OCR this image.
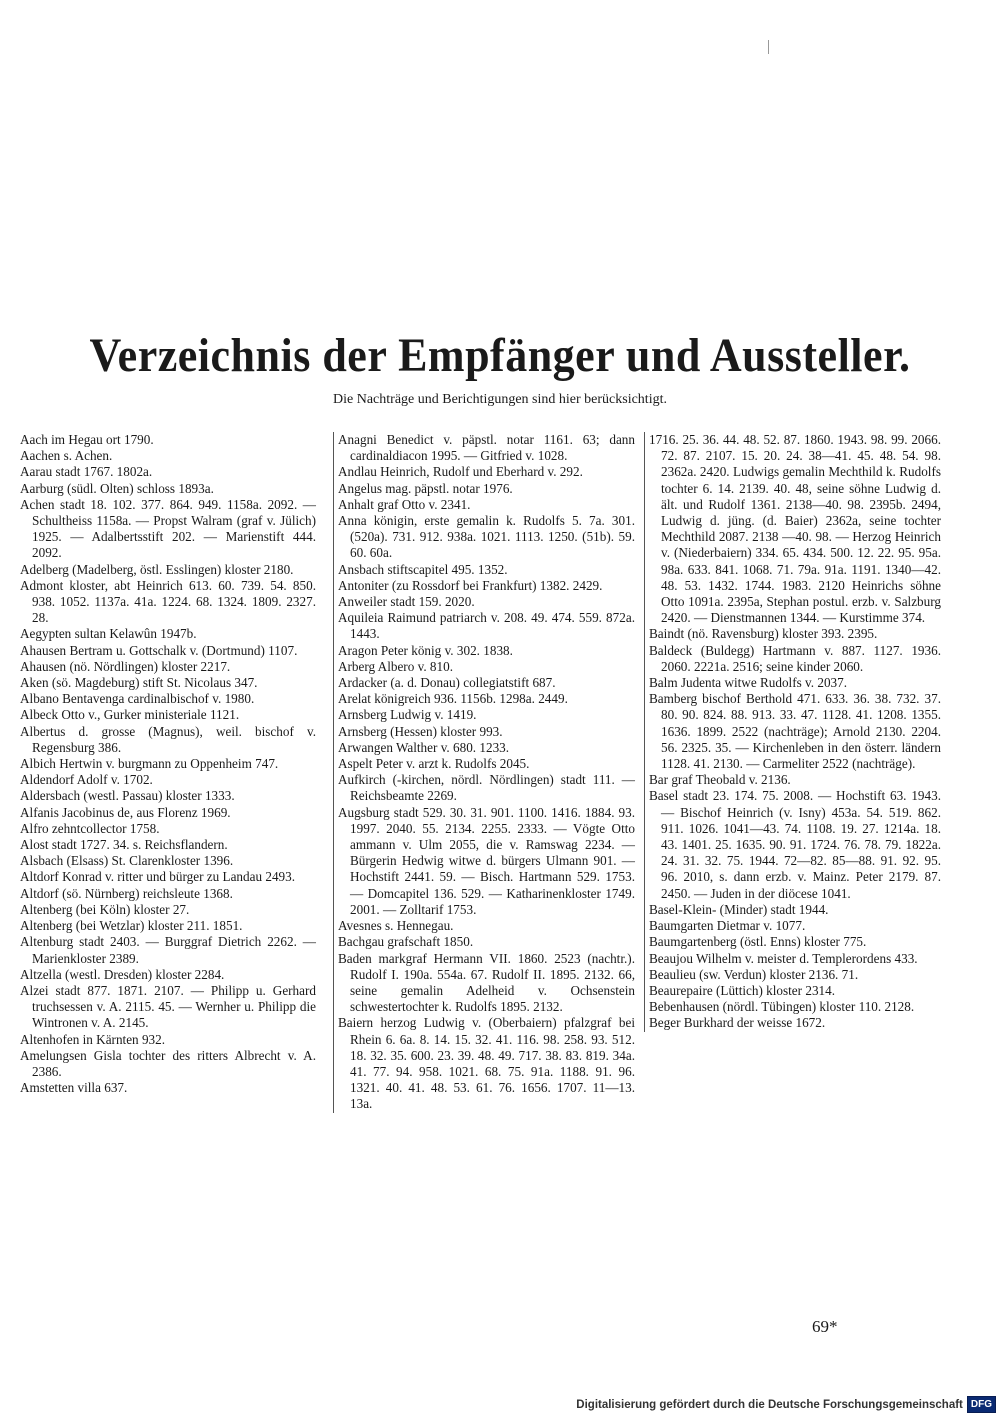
Verzeichnis der Empfänger und Aussteller.
Die Nachträge und Berichtigungen sind hier berücksichtigt.

Aach im Hegau ort 1790.

Aachen s. Achen.

Aarau stadt 1767. 1802a.

Aarburg (südl. Olten) schloss 1893a.

Achen stadt 18. 102. 377. 864. 949. 1158a. 2092. — Schultheiss 1158a. — Propst Walram (graf v. Jülich) 1925. — Adalbertsstift 202. — Marienstift 444. 2092.

Adelberg (Madelberg, östl. Esslingen) kloster 2180.

Admont kloster, abt Heinrich 613. 60. 739. 54. 850. 938. 1052. 1137a. 41a. 1224. 68. 1324. 1809. 2327. 28.

Aegypten sultan Kelawûn 1947b.

Ahausen Bertram u. Gottschalk v. (Dortmund) 1107.

Ahausen (nö. Nördlingen) kloster 2217.

Aken (sö. Magdeburg) stift St. Nicolaus 347.

Albano Bentavenga cardinalbischof v. 1980.

Albeck Otto v., Gurker ministeriale 1121.

Albertus d. grosse (Magnus), weil. bischof v. Regensburg 386.

Albich Hertwin v. burgmann zu Oppenheim 747.

Aldendorf Adolf v. 1702.

Aldersbach (westl. Passau) kloster 1333.

Alfanis Jacobinus de, aus Florenz 1969.

Alfro zehntcollector 1758.

Alost stadt 1727. 34. s. Reichsflandern.

Alsbach (Elsass) St. Clarenkloster 1396.

Altdorf Konrad v. ritter und bürger zu Landau 2493.

Altdorf (sö. Nürnberg) reichsleute 1368.

Altenberg (bei Köln) kloster 27.

Altenberg (bei Wetzlar) kloster 211. 1851.

Altenburg stadt 2403. — Burggraf Dietrich 2262. — Marienkloster 2389.

Altzella (westl. Dresden) kloster 2284.

Alzei stadt 877. 1871. 2107. — Philipp u. Gerhard truchsessen v. A. 2115. 45. — Wernher u. Philipp die Wintronen v. A. 2145.

Altenhofen in Kärnten 932.

Amelungsen Gisla tochter des ritters Albrecht v. A. 2386.

Amstetten villa 637.

Anagni Benedict v. päpstl. notar 1161. 63; dann cardinaldiacon 1995. — Gitfried v. 1028.

Andlau Heinrich, Rudolf und Eberhard v. 292.

Angelus mag. päpstl. notar 1976.

Anhalt graf Otto v. 2341.

Anna königin, erste gemalin k. Rudolfs 5. 7a. 301. (520a). 731. 912. 938a. 1021. 1113. 1250. (51b). 59. 60. 60a.

Ansbach stiftscapitel 495. 1352.

Antoniter (zu Rossdorf bei Frankfurt) 1382. 2429.

Anweiler stadt 159. 2020.

Aquileia Raimund patriarch v. 208. 49. 474. 559. 872a. 1443.

Aragon Peter könig v. 302. 1838.

Arberg Albero v. 810.

Ardacker (a. d. Donau) collegiatstift 687.

Arelat königreich 936. 1156b. 1298a. 2449.

Arnsberg Ludwig v. 1419.

Arnsberg (Hessen) kloster 993.

Arwangen Walther v. 680. 1233.

Aspelt Peter v. arzt k. Rudolfs 2045.

Aufkirch (-kirchen, nördl. Nördlingen) stadt 111. — Reichsbeamte 2269.

Augsburg stadt 529. 30. 31. 901. 1100. 1416. 1884. 93. 1997. 2040. 55. 2134. 2255. 2333. — Vögte Otto ammann v. Ulm 2055, die v. Ramswag 2234. — Bürgerin Hedwig witwe d. bürgers Ulmann 901. — Hochstift 2441. 59. — Bisch. Hartmann 529. 1753. — Domcapitel 136. 529. — Katharinenkloster 1749. 2001. — Zolltarif 1753.

Avesnes s. Hennegau.

Bachgau grafschaft 1850.

Baden markgraf Hermann VII. 1860. 2523 (nachtr.). Rudolf I. 190a. 554a. 67. Rudolf II. 1895. 2132. 66, seine gemalin Adelheid v. Ochsenstein schwestertochter k. Rudolfs 1895. 2132.

Baiern herzog Ludwig v. (Oberbaiern) pfalzgraf bei Rhein 6. 6a. 8. 14. 15. 32. 41. 116. 98. 258. 93. 512. 18. 32. 35. 600. 23. 39. 48. 49. 717. 38. 83. 819. 34a. 41. 77. 94. 958. 1021. 68. 75. 91a. 1188. 91. 96. 1321. 40. 41. 48. 53. 61. 76. 1656. 1707. 11—13. 13a.

1716. 25. 36. 44. 48. 52. 87. 1860. 1943. 98. 99. 2066. 72. 87. 2107. 15. 20. 24. 38—41. 45. 48. 54. 98. 2362a. 2420. Ludwigs gemalin Mechthild k. Rudolfs tochter 6. 14. 2139. 40. 48, seine söhne Ludwig d. ält. und Rudolf 1361. 2138—40. 98. 2395b. 2494, Ludwig d. jüng. (d. Baier) 2362a, seine tochter Mechthild 2087. 2138 —40. 98. — Herzog Heinrich v. (Niederbaiern) 334. 65. 434. 500. 12. 22. 95. 95a. 98a. 633. 841. 1068. 71. 79a. 91a. 1191. 1340—42. 48. 53. 1432. 1744. 1983. 2120 Heinrichs söhne Otto 1091a. 2395a, Stephan postul. erzb. v. Salzburg 2420. — Dienstmannen 1344. — Kurstimme 374.

Baindt (nö. Ravensburg) kloster 393. 2395.

Baldeck (Buldegg) Hartmann v. 887. 1127. 1936. 2060. 2221a. 2516; seine kinder 2060.

Balm Judenta witwe Rudolfs v. 2037.

Bamberg bischof Berthold 471. 633. 36. 38. 732. 37. 80. 90. 824. 88. 913. 33. 47. 1128. 41. 1208. 1355. 1636. 1899. 2522 (nachträge); Arnold 2130. 2204. 56. 2325. 35. — Kirchenleben in den österr. ländern 1128. 41. 2130. — Carmeliter 2522 (nachträge).

Bar graf Theobald v. 2136.

Basel stadt 23. 174. 75. 2008. — Hochstift 63. 1943. — Bischof Heinrich (v. Isny) 453a. 54. 519. 862. 911. 1026. 1041—43. 74. 1108. 19. 27. 1214a. 18. 43. 1401. 25. 1635. 90. 91. 1724. 76. 78. 79. 1822a. 24. 31. 32. 75. 1944. 72—82. 85—88. 91. 92. 95. 96. 2010, s. dann erzb. v. Mainz. Peter 2179. 87. 2450. — Juden in der diöcese 1041.

Basel-Klein- (Minder) stadt 1944.

Baumgarten Dietmar v. 1077.

Baumgartenberg (östl. Enns) kloster 775.

Beaujou Wilhelm v. meister d. Templerordens 433.

Beaulieu (sw. Verdun) kloster 2136. 71.

Beaurepaire (Lüttich) kloster 2314.

Bebenhausen (nördl. Tübingen) kloster 110. 2128.

Beger Burkhard der weisse 1672.

69*
Digitalisierung gefördert durch die Deutsche Forschungsgemeinschaft DFG
